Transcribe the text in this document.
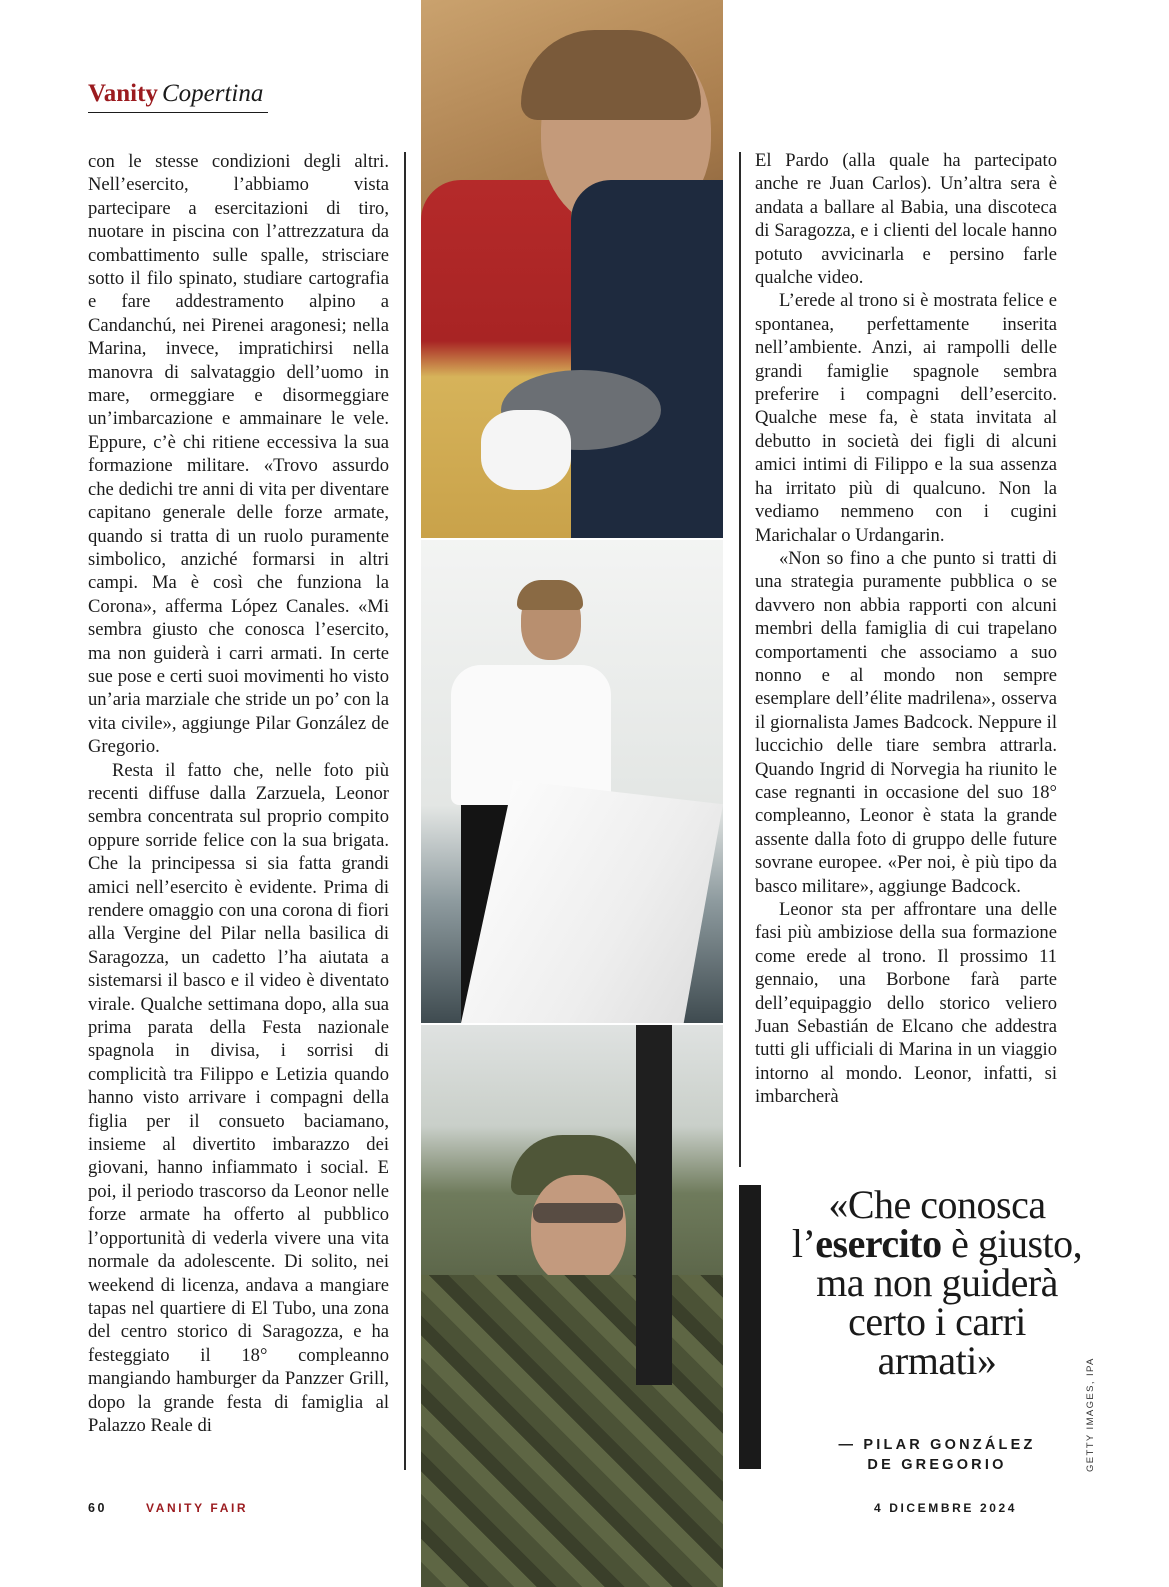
Vanity Copertina

con le stesse condizioni degli altri. Nell’esercito, l’abbiamo vista partecipare a esercitazioni di tiro, nuotare in piscina con l’attrezzatura da combattimento sulle spalle, strisciare sotto il filo spinato, studiare cartografia e fare addestramento alpino a Candanchú, nei Pirenei aragonesi; nella Marina, invece, impratichirsi nella manovra di salvataggio dell’uomo in mare, ormeggiare e disormeggiare un’imbarcazione e ammainare le vele. Eppure, c’è chi ritiene eccessiva la sua formazione militare. «Trovo assurdo che dedichi tre anni di vita per diventare capitano generale delle forze armate, quando si tratta di un ruolo puramente simbolico, anziché formarsi in altri campi. Ma è così che funziona la Corona», afferma López Canales. «Mi sembra giusto che conosca l’esercito, ma non guiderà i carri armati. In certe sue pose e certi suoi movimenti ho visto un’aria marziale che stride un po’ con la vita civile», aggiunge Pilar González de Gregorio.

Resta il fatto che, nelle foto più recenti diffuse dalla Zarzuela, Leonor sembra concentrata sul proprio compito oppure sorride felice con la sua brigata. Che la principessa si sia fatta grandi amici nell’esercito è evidente. Prima di rendere omaggio con una corona di fiori alla Vergine del Pilar nella basilica di Saragozza, un cadetto l’ha aiutata a sistemarsi il basco e il video è diventato virale. Qualche settimana dopo, alla sua prima parata della Festa nazionale spagnola in divisa, i sorrisi di complicità tra Filippo e Letizia quando hanno visto arrivare i compagni della figlia per il consueto baciamano, insieme al divertito imbarazzo dei giovani, hanno infiammato i social. E poi, il periodo trascorso da Leonor nelle forze armate ha offerto al pubblico l’opportunità di vederla vivere una vita normale da adolescente. Di solito, nei weekend di licenza, andava a mangiare tapas nel quartiere di El Tubo, una zona del centro storico di Saragozza, e ha festeggiato il 18° compleanno mangiando hamburger da Panzzer Grill, dopo la grande festa di famiglia al Palazzo Reale di

El Pardo (alla quale ha partecipato anche re Juan Carlos). Un’altra sera è andata a ballare al Babia, una discoteca di Saragozza, e i clienti del locale hanno potuto avvicinarla e persino farle qualche video.

L’erede al trono si è mostrata felice e spontanea, perfettamente inserita nell’ambiente. Anzi, ai rampolli delle grandi famiglie spagnole sembra preferire i compagni dell’esercito. Qualche mese fa, è stata invitata al debutto in società dei figli di alcuni amici intimi di Filippo e la sua assenza ha irritato più di qualcuno. Non la vediamo nemmeno con i cugini Marichalar o Urdangarin.

«Non so fino a che punto si tratti di una strategia puramente pubblica o se davvero non abbia rapporti con alcuni membri della famiglia di cui trapelano comportamenti che associamo a suo nonno e al mondo non sempre esemplare dell’élite madrilena», osserva il giornalista James Badcock. Neppure il luccichio delle tiare sembra attrarla. Quando Ingrid di Norvegia ha riunito le case regnanti in occasione del suo 18° compleanno, Leonor è stata la grande assente dalla foto di gruppo delle future sovrane europee. «Per noi, è più tipo da basco militare», aggiunge Badcock.

Leonor sta per affrontare una delle fasi più ambiziose della sua formazione come erede al trono. Il prossimo 11 gennaio, una Borbone farà parte dell’equipaggio dello storico veliero Juan Sebastián de Elcano che addestra tutti gli ufficiali di Marina in un viaggio intorno al mondo. Leonor, infatti, si imbarcherà

«Che conosca l’esercito è giusto, ma non guiderà certo i carri armati»
— PILAR GONZÁLEZ
DE GREGORIO	GETTY IMAGES, IPA
60	VANITY FAIR	4 DICEMBRE 2024
